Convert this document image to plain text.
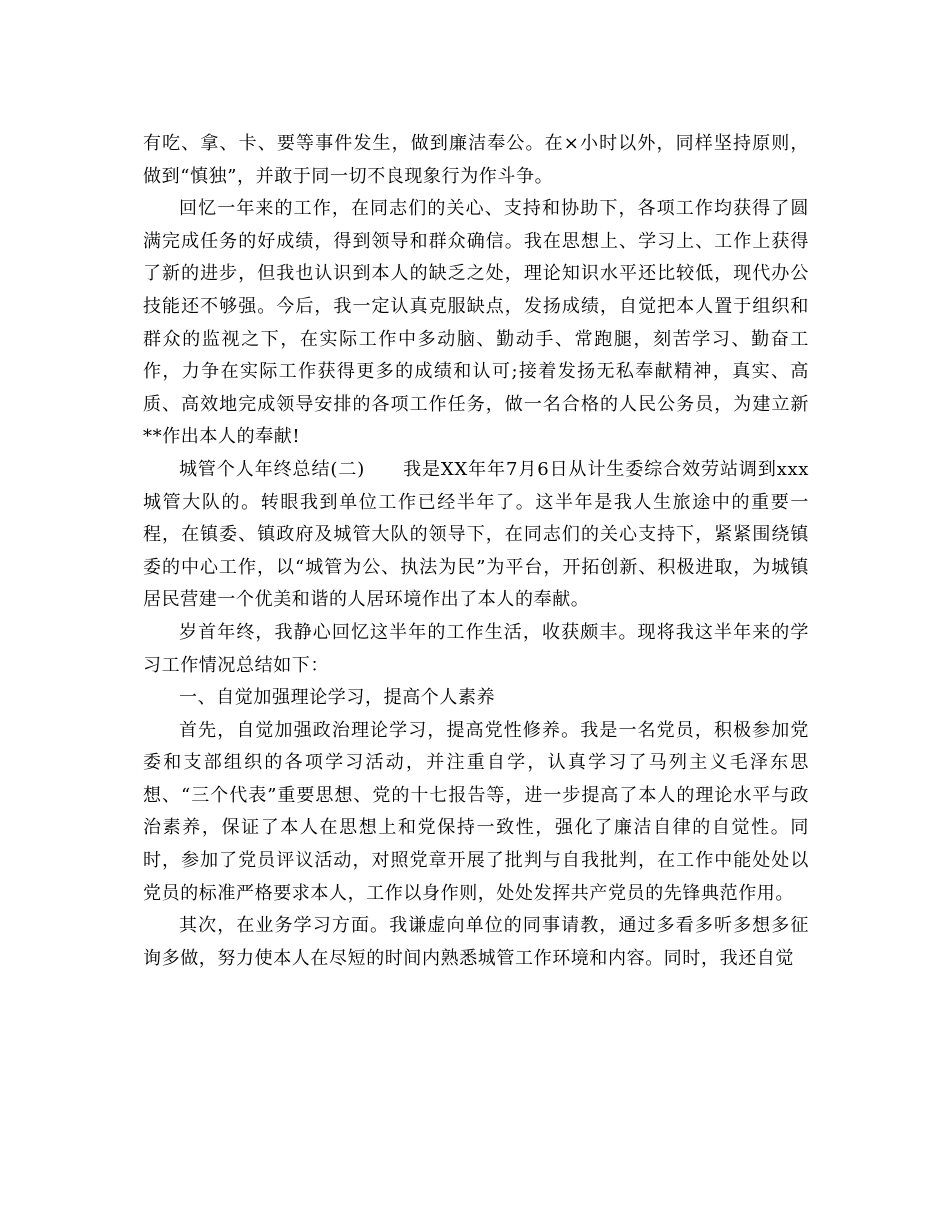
有吃、拿、卡、要等事件发生，做到廉洁奉公。在×小时以外，同样坚持原则，做到“慎独”，并敢于同一切不良现象行为作斗争。

回忆一年来的工作，在同志们的关心、支持和协助下，各项工作均获得了圆满完成任务的好成绩，得到领导和群众确信。我在思想上、学习上、工作上获得了新的进步，但我也认识到本人的缺乏之处，理论知识水平还比较低，现代办公技能还不够强。今后，我一定认真克服缺点，发扬成绩，自觉把本人置于组织和群众的监视之下，在实际工作中多动脑、勤动手、常跑腿，刻苦学习、勤奋工作，力争在实际工作获得更多的成绩和认可;接着发扬无私奉献精神，真实、高质、高效地完成领导安排的各项工作任务，做一名合格的人民公务员，为建立新**作出本人的奉献!

城管个人年终总结(二)　　我是XX年年7月6日从计生委综合效劳站调到xxx城管大队的。转眼我到单位工作已经半年了。这半年是我人生旅途中的重要一程，在镇委、镇政府及城管大队的领导下，在同志们的关心支持下，紧紧围绕镇委的中心工作，以“城管为公、执法为民”为平台，开拓创新、积极进取，为城镇居民营建一个优美和谐的人居环境作出了本人的奉献。

岁首年终，我静心回忆这半年的工作生活，收获颇丰。现将我这半年来的学习工作情况总结如下：

一、自觉加强理论学习，提高个人素养

首先，自觉加强政治理论学习，提高党性修养。我是一名党员，积极参加党委和支部组织的各项学习活动，并注重自学，认真学习了马列主义毛泽东思想、“三个代表”重要思想、党的十七报告等，进一步提高了本人的理论水平与政治素养，保证了本人在思想上和党保持一致性，强化了廉洁自律的自觉性。同时，参加了党员评议活动，对照党章开展了批判与自我批判，在工作中能处处以党员的标准严格要求本人，工作以身作则，处处发挥共产党员的先锋典范作用。

其次，在业务学习方面。我谦虚向单位的同事请教，通过多看多听多想多征询多做，努力使本人在尽短的时间内熟悉城管工作环境和内容。同时，我还自觉
